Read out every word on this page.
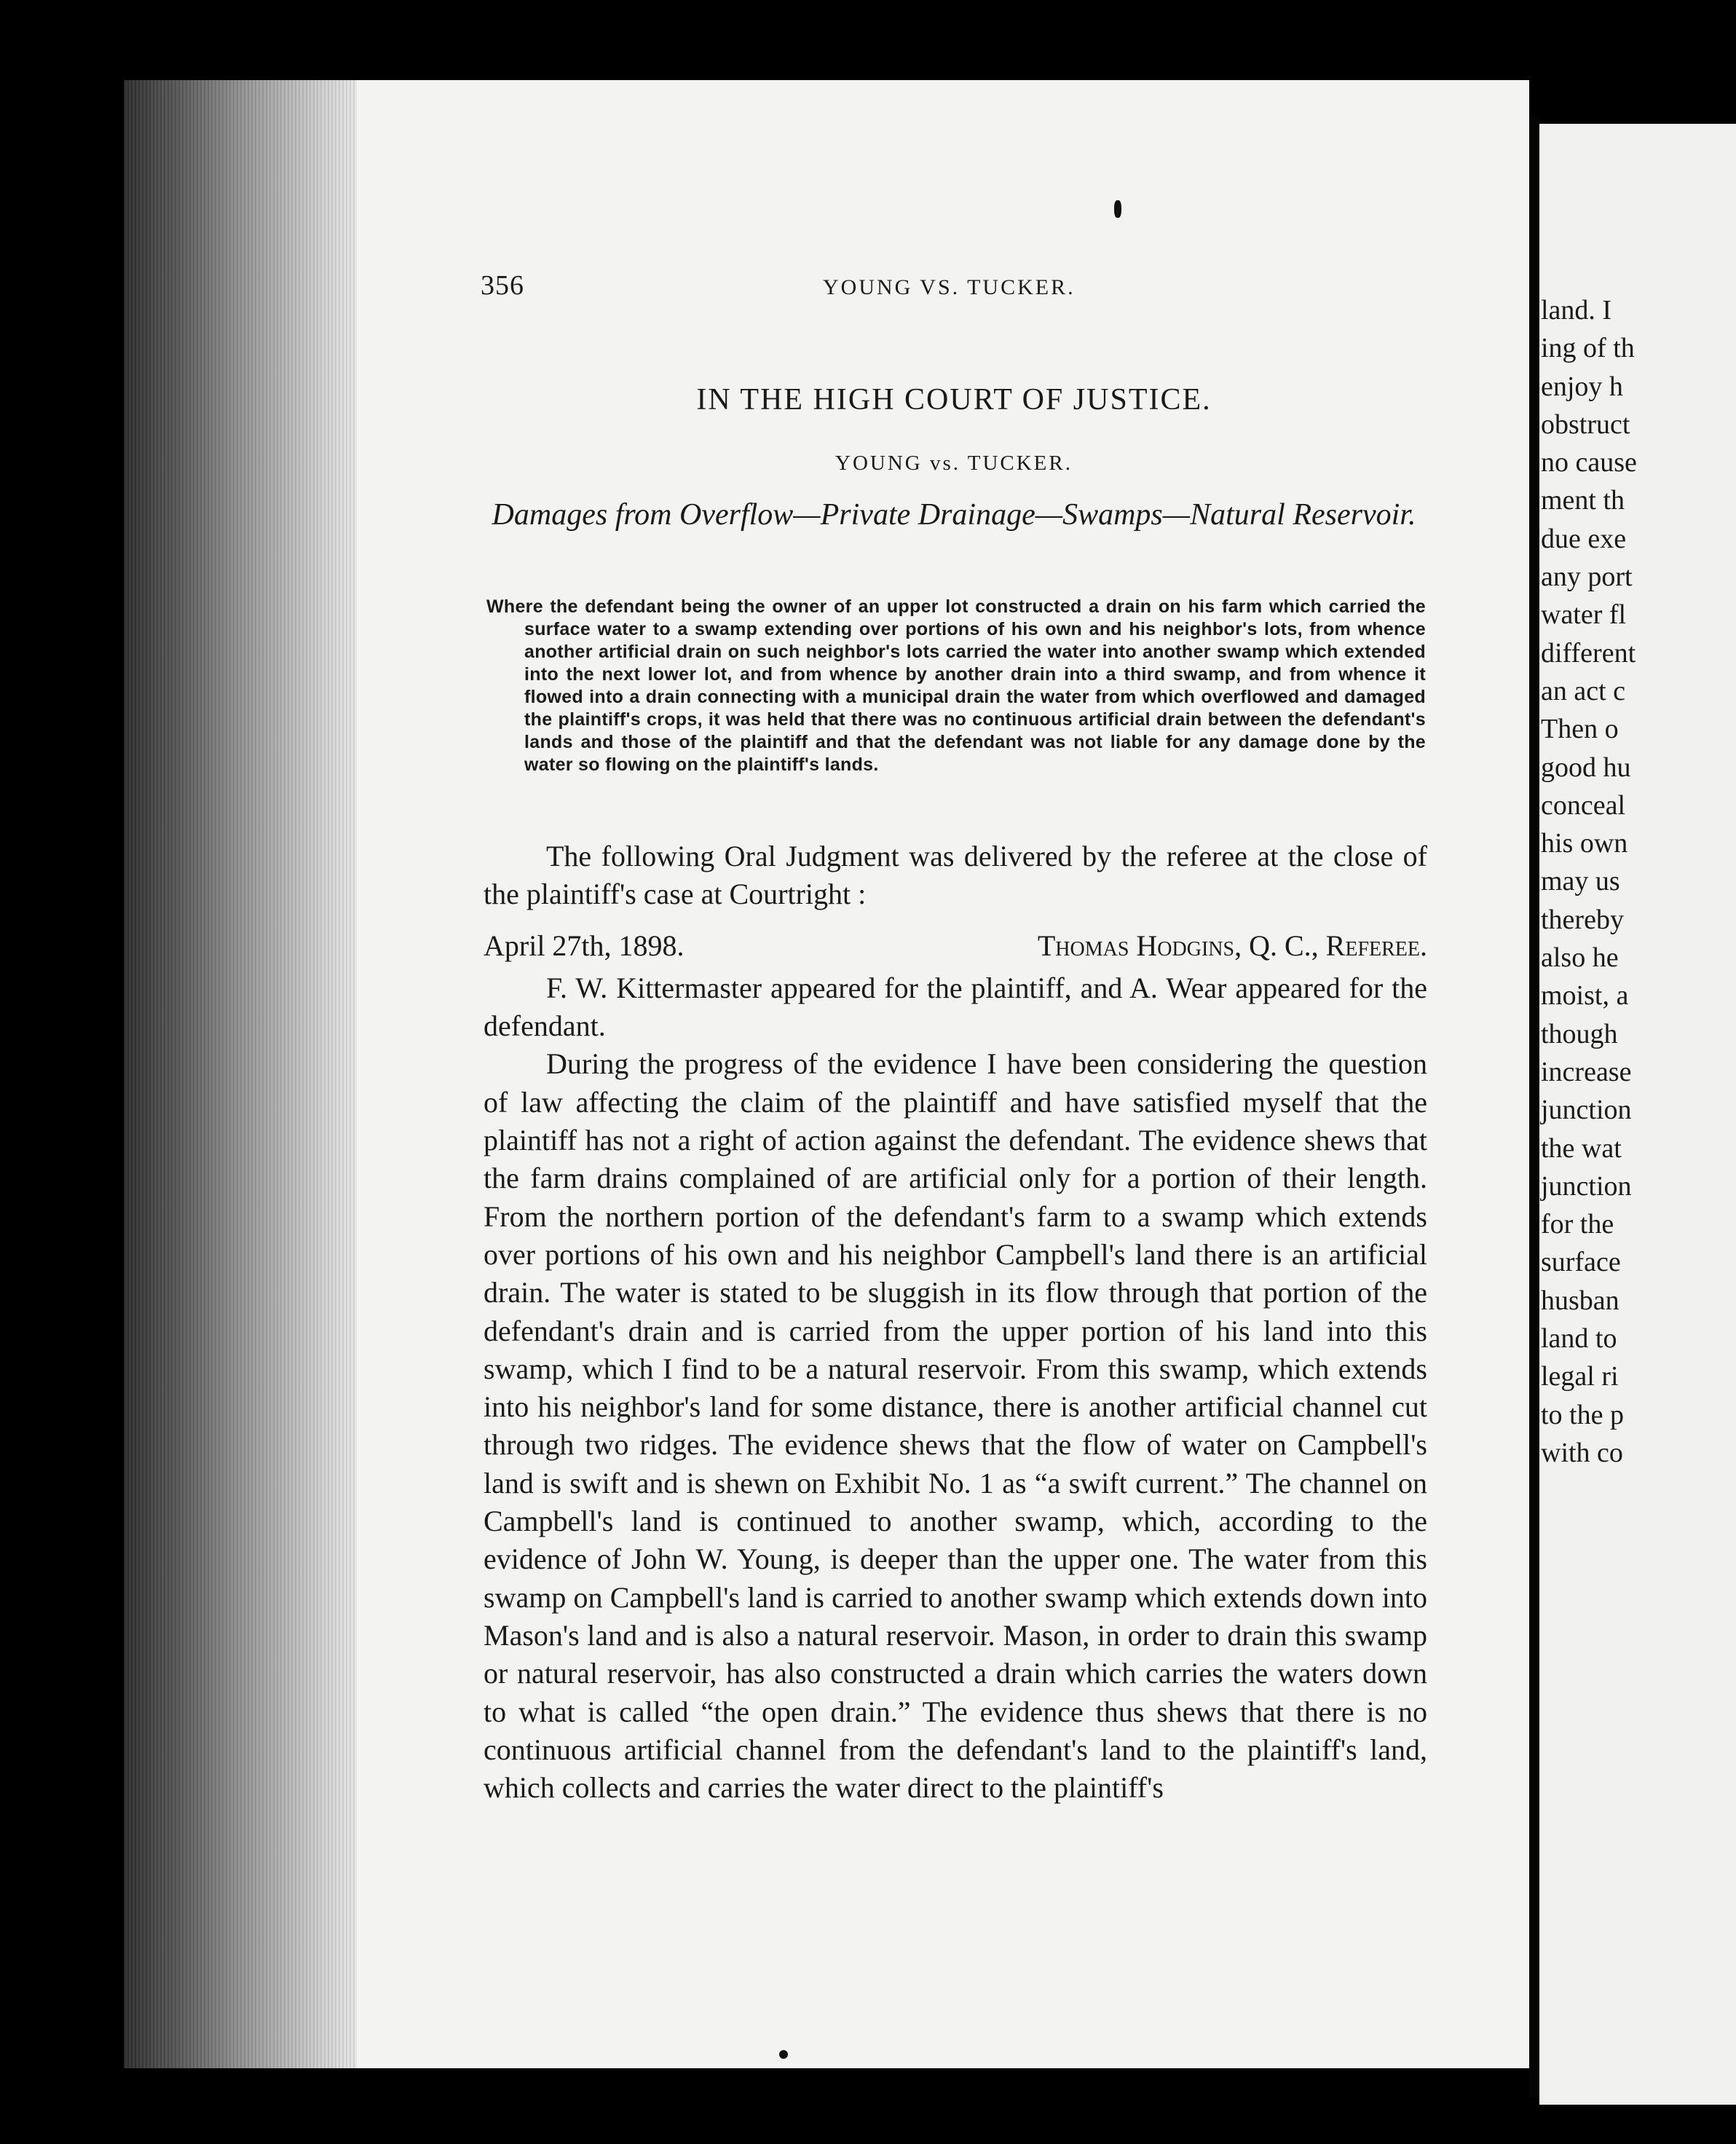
356	YOUNG VS. TUCKER.
IN THE HIGH COURT OF JUSTICE.
YOUNG vs. TUCKER.
Damages from Overflow—Private Drainage—Swamps—Natural Reservoir.
Where the defendant being the owner of an upper lot constructed a drain on his farm which carried the surface water to a swamp extending over portions of his own and his neighbor's lots, from whence another artificial drain on such neighbor's lots carried the water into another swamp which extended into the next lower lot, and from whence by another drain into a third swamp, and from whence it flowed into a drain connecting with a municipal drain the water from which overflowed and damaged the plaintiff's crops, it was held that there was no continuous artificial drain between the defendant's lands and those of the plaintiff and that the defendant was not liable for any damage done by the water so flowing on the plaintiff's lands.

The following Oral Judgment was delivered by the referee at the close of the plaintiff's case at Courtright :

April 27th, 1898.	Thomas Hodgins, Q. C., Referee.

F. W. Kittermaster appeared for the plaintiff, and A. Wear appeared for the defendant.

During the progress of the evidence I have been considering the question of law affecting the claim of the plaintiff and have satisfied myself that the plaintiff has not a right of action against the defendant. The evidence shews that the farm drains complained of are artificial only for a portion of their length. From the northern portion of the defendant's farm to a swamp which extends over portions of his own and his neighbor Campbell's land there is an artificial drain. The water is stated to be sluggish in its flow through that portion of the defendant's drain and is carried from the upper portion of his land into this swamp, which I find to be a natural reservoir. From this swamp, which extends into his neighbor's land for some distance, there is another artificial channel cut through two ridges. The evidence shews that the flow of water on Campbell's land is swift and is shewn on Exhibit No. 1 as “a swift current.” The channel on Campbell's land is continued to another swamp, which, according to the evidence of John W. Young, is deeper than the upper one. The water from this swamp on Campbell's land is carried to another swamp which extends down into Mason's land and is also a natural reservoir. Mason, in order to drain this swamp or natural reservoir, has also constructed a drain which carries the waters down to what is called “the open drain.” The evidence thus shews that there is no continuous artificial channel from the defendant's land to the plaintiff's land, which collects and carries the water direct to the plaintiff's

land. I
ing of th
enjoy h
obstruct
no cause
ment th
due exe
any port
water fl
different
an act c
Then o
good hu
conceal
his own
may us
thereby
also he
moist, a
though
increase
junction
the wat
junction
for the
surface
husban
land to
legal ri
to the p
with co
